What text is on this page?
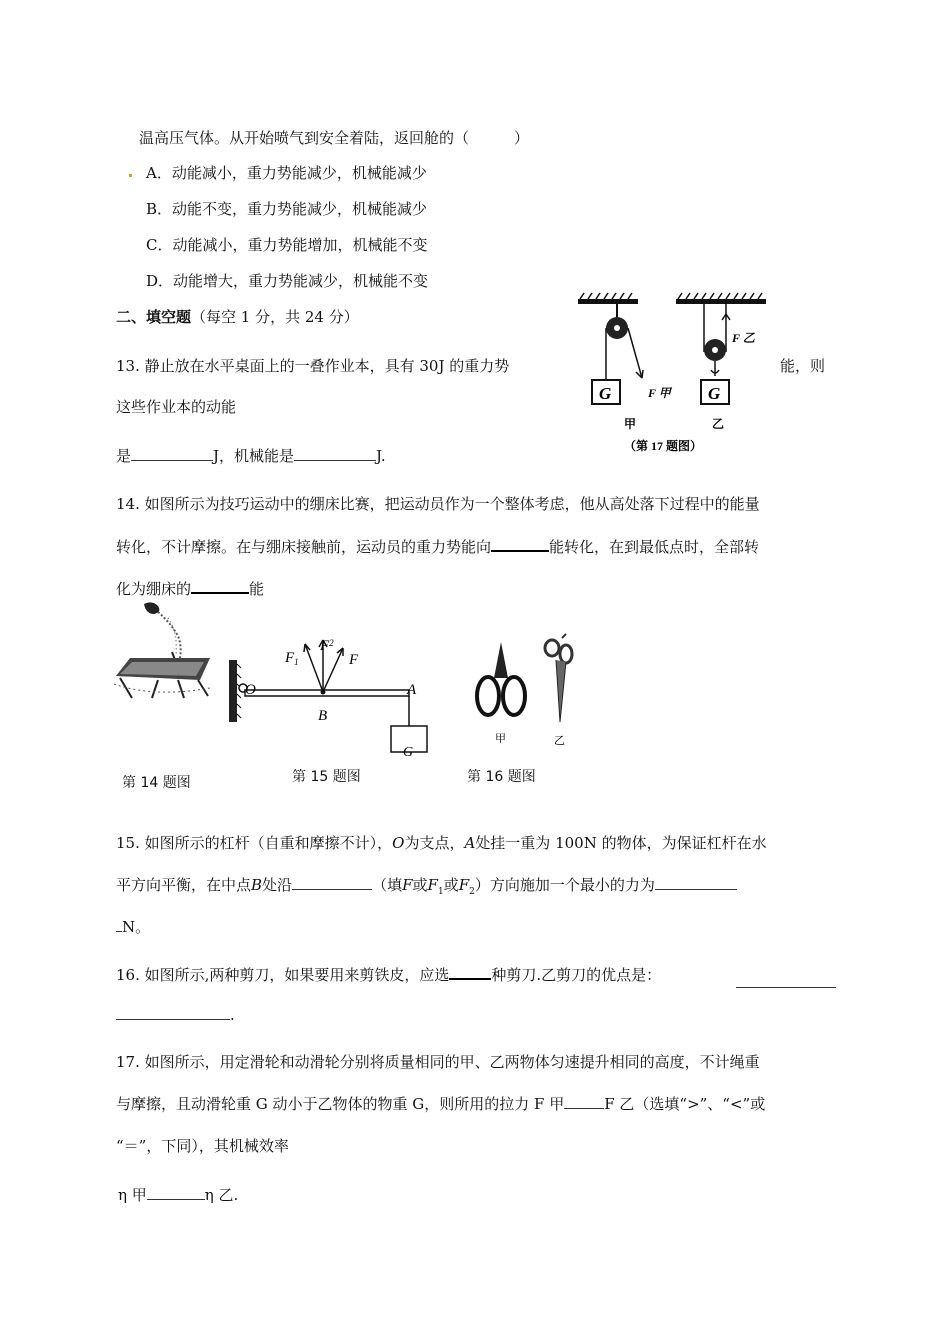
温高压气体。从开始喷气到安全着陆，返回舱的（　　　）
A．动能减小，重力势能减少，机械能减少
B．动能不变，重力势能减少，机械能减少
C．动能减小，重力势能增加，机械能不变
D．动能增大，重力势能减少，机械能不变
二、填空题（每空 1 分，共 24 分）
13. 静止放在水平桌面上的一叠作业本，具有 30J 的重力势	能，则
这些作业本的动能
是	J，机械能是	J.
G	F 甲
甲
G
F 乙
乙
（第 17 题图）
14. 如图所示为技巧运动中的绷床比赛，把运动员作为一个整体考虑，他从高处落下过程中的能量
转化，不计摩擦。在与绷床接触前，运动员的重力势能向	能转化，在到最低点时，全部转
化为绷床的	能
$F_1$
$F^2$
F
O	A
B
G
甲	乙
第 14 题图	第 15 题图	第 16 题图
15. 如图所示的杠杆（自重和摩擦不计），O为支点，A处挂一重为 100N 的物体，为保证杠杆在水
平方向平衡，在中点B处沿	（填F或$F_1$或$F_2$）方向施加一个最小的力为
N。
16. 如图所示,两种剪刀，如果要用来剪铁皮，应选	种剪刀.乙剪刀的优点是：
.
17. 如图所示，用定滑轮和动滑轮分别将质量相同的甲、乙两物体匀速提升相同的高度，不计绳重
与摩擦，且动滑轮重 G 动小于乙物体的物重 G，则所用的拉力 F 甲	F 乙（选填“>”、“<”或
“＝”，下同），其机械效率
η 甲	η 乙.
